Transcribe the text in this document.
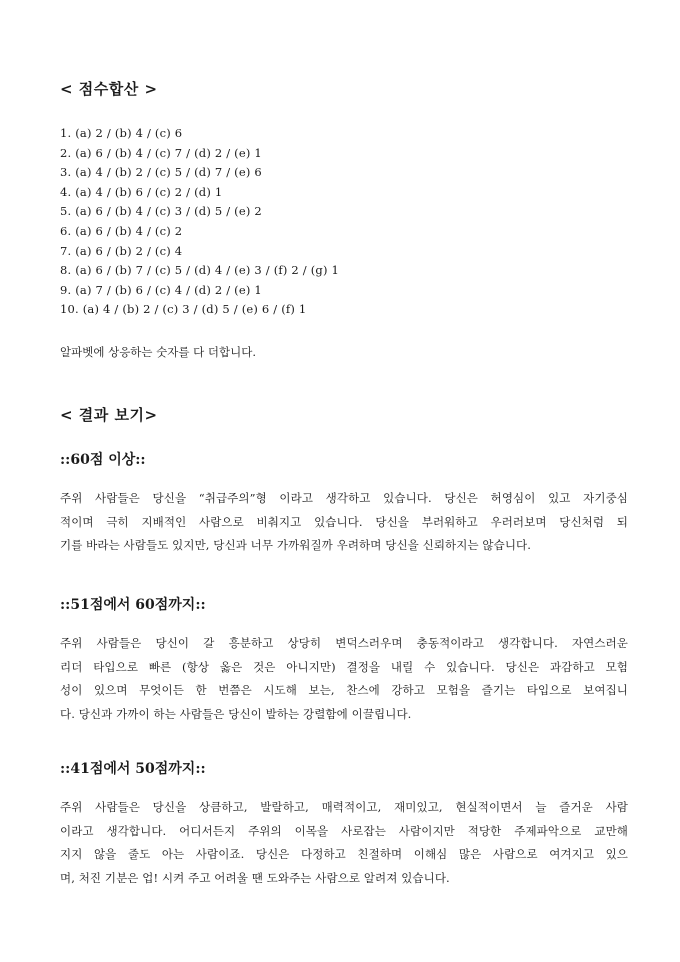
< 점수합산 >
1. (a) 2 / (b) 4 / (c) 6
2. (a) 6 / (b) 4 / (c) 7 / (d) 2 / (e) 1
3. (a) 4 / (b) 2 / (c) 5 / (d) 7 / (e) 6
4. (a) 4 / (b) 6 / (c) 2 / (d) 1
5. (a) 6 / (b) 4 / (c) 3 / (d) 5 / (e) 2
6. (a) 6 / (b) 4 / (c) 2
7. (a) 6 / (b) 2 / (c) 4
8. (a) 6 / (b) 7 / (c) 5 / (d) 4 / (e) 3 / (f) 2 / (g) 1
9. (a) 7 / (b) 6 / (c) 4 / (d) 2 / (e) 1
10. (a) 4 / (b) 2 / (c) 3 / (d) 5 / (e) 6 / (f) 1
알파벳에 상응하는 숫자를 다 더합니다.
< 결과 보기>
::60점 이상::
주위 사람들은 당신을 “취급주의”형 이라고 생각하고 있습니다. 당신은 허영심이 있고 자기중심
적이며 극히 지배적인 사람으로 비춰지고 있습니다. 당신을 부러워하고 우러러보며 당신처럼 되
기를 바라는 사람들도 있지만, 당신과 너무 가까워질까 우려하며 당신을 신뢰하지는 않습니다.
::51점에서 60점까지::
주위 사람들은 당신이 갈 흥분하고 상당히 변덕스러우며 충동적이라고 생각합니다. 자연스러운
리더 타입으로 빠른 (항상 옳은 것은 아니지만) 결정을 내릴 수 있습니다. 당신은 과감하고 모험
성이 있으며 무엇이든 한 번쯤은 시도해 보는, 찬스에 강하고 모험을 즐기는 타입으로 보여집니
다. 당신과 가까이 하는 사람들은 당신이 발하는 강렬함에 이끌립니다.
::41점에서 50점까지::
주위 사람들은 당신을 상큼하고, 발랄하고, 매력적이고, 재미있고, 현실적이면서 늘 즐거운 사람
이라고 생각합니다. 어디서든지 주위의 이목을 사로잡는 사람이지만 적당한 주제파악으로 교만해
지지 않을 줄도 아는 사람이죠. 당신은 다정하고 친절하며 이해심 많은 사람으로 여겨지고 있으
며, 처진 기분은 업! 시켜 주고 어려울 땐 도와주는 사람으로 알려져 있습니다.
